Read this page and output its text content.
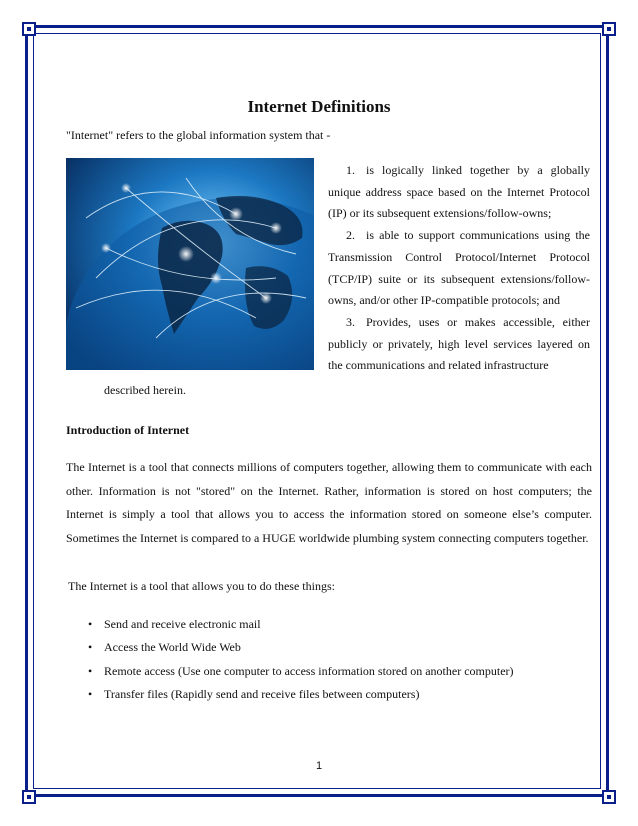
Internet Definitions
"Internet" refers to the global information system that -
1. is logically linked together by a globally unique address space based on the Internet Protocol (IP) or its subsequent extensions/follow-owns;
2. is able to support communications using the Transmission Control Protocol/Internet Protocol (TCP/IP) suite or its subsequent extensions/follow-owns, and/or other IP-compatible protocols; and
3. Provides, uses or makes accessible, either publicly or privately, high level services layered on the communications and related infrastructure
described herein.
Introduction of Internet

The Internet is a tool that connects millions of computers together, allowing them to communicate with each other. Information is not "stored" on the Internet. Rather, information is stored on host computers; the Internet is simply a tool that allows you to access the information stored on someone else’s computer. Sometimes the Internet is compared to a HUGE worldwide plumbing system connecting computers together.

The Internet is a tool that allows you to do these things:
• Send and receive electronic mail
• Access the World Wide Web
• Remote access (Use one computer to access information stored on another computer)
• Transfer files (Rapidly send and receive files between computers)
1
